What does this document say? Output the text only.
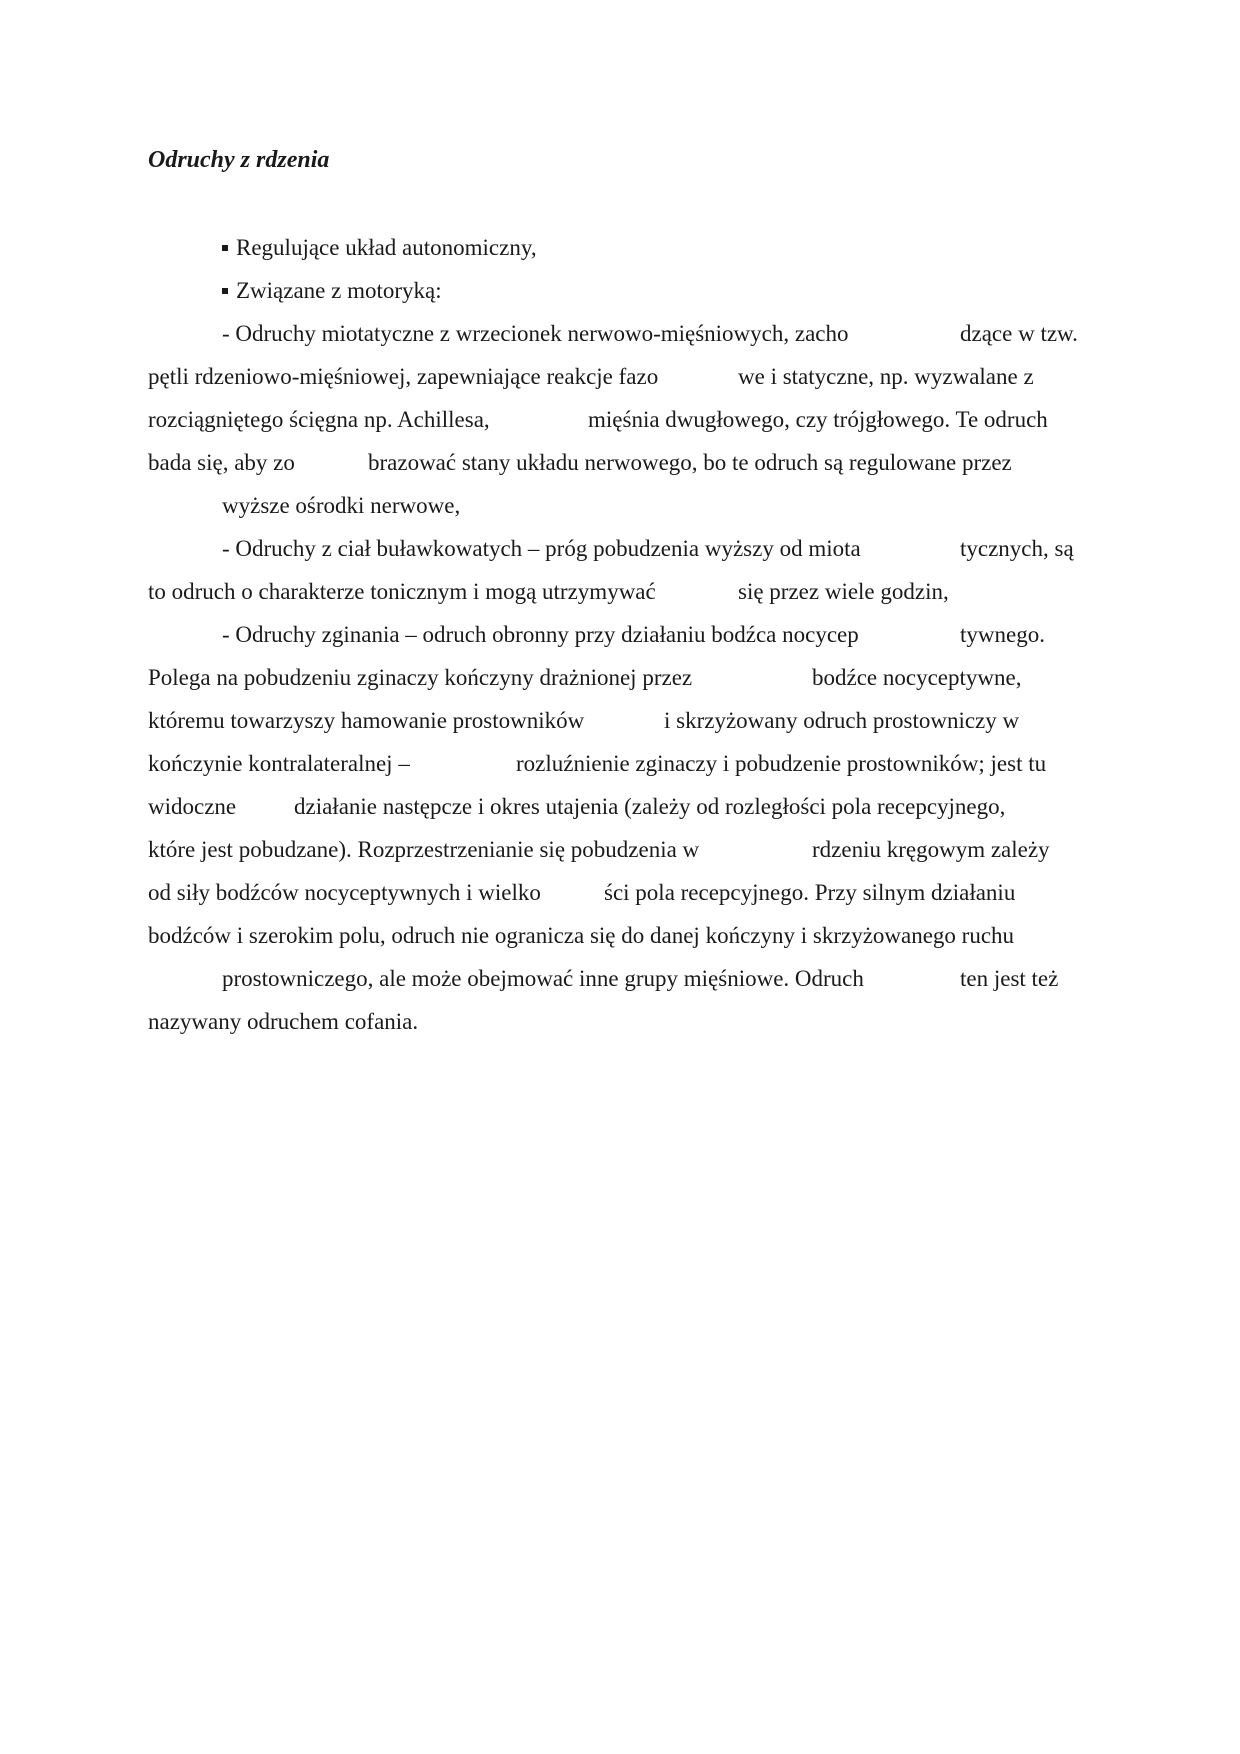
Odruchy z rdzenia
Regulujące układ autonomiczny,
Związane z motoryką:
- Odruchy miotatyczne z wrzecionek nerwowo-mięśniowych, zacho	dzące w tzw.
pętli rdzeniowo-mięśniowej, zapewniające reakcje fazo	we i statyczne, np. wyzwalane z
rozciągniętego ścięgna np. Achillesa,	mięśnia dwugłowego, czy trójgłowego. Te odruch
bada się, aby zo	brazować stany układu nerwowego, bo te odruch są regulowane przez
wyższe ośrodki nerwowe,
- Odruchy z ciał buławkowatych – próg pobudzenia wyższy od miota	tycznych, są
to odruch o charakterze tonicznym i mogą utrzymywać	się przez wiele godzin,
- Odruchy zginania – odruch obronny przy działaniu bodźca nocycep	tywnego.
Polega na pobudzeniu zginaczy kończyny drażnionej przez	bodźce nocyceptywne,
któremu towarzyszy hamowanie prostowników	i skrzyżowany odruch prostowniczy w
kończynie kontralateralnej –	rozluźnienie zginaczy i pobudzenie prostowników; jest tu
widoczne	działanie następcze i okres utajenia (zależy od rozległości pola recepcyjnego,
które jest pobudzane). Rozprzestrzenianie się pobudzenia w	rdzeniu kręgowym zależy
od siły bodźców nocyceptywnych i wielko	ści pola recepcyjnego. Przy silnym działaniu
bodźców i szerokim polu, odruch nie ogranicza się do danej kończyny i skrzyżowanego ruchu
prostowniczego, ale może obejmować inne grupy mięśniowe. Odruch	ten jest też
nazywany odruchem cofania.
